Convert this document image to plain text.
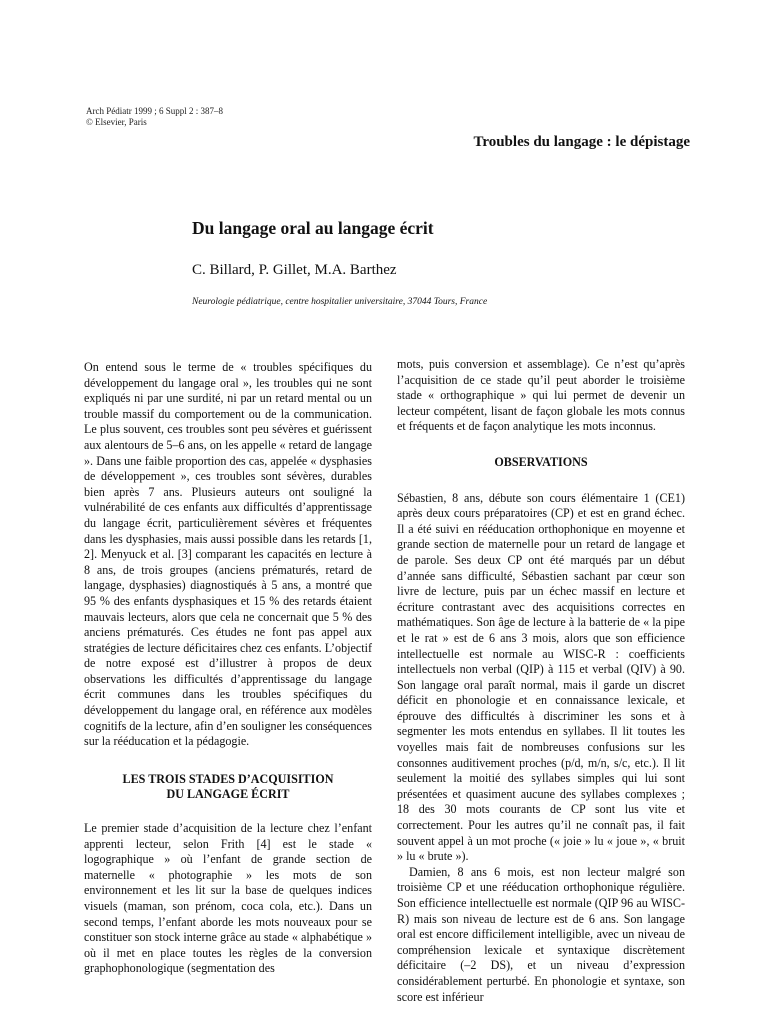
Arch Pédiatr 1999 ; 6 Suppl 2 : 387–8
© Elsevier, Paris
Troubles du langage : le dépistage
Du langage oral au langage écrit
C. Billard, P. Gillet, M.A. Barthez
Neurologie pédiatrique, centre hospitalier universitaire, 37044 Tours, France

On entend sous le terme de « troubles spécifiques du développement du langage oral », les troubles qui ne sont expliqués ni par une surdité, ni par un retard mental ou un trouble massif du comportement ou de la communication. Le plus souvent, ces troubles sont peu sévères et guérissent aux alentours de 5–6 ans, on les appelle « retard de langage ». Dans une faible proportion des cas, appelée « dysphasies de développement », ces troubles sont sévères, durables bien après 7 ans. Plusieurs auteurs ont souligné la vulnérabilité de ces enfants aux difficultés d’apprentissage du langage écrit, particulièrement sévères et fréquentes dans les dysphasies, mais aussi possible dans les retards [1, 2]. Menyuck et al. [3] comparant les capacités en lecture à 8 ans, de trois groupes (anciens prématurés, retard de langage, dysphasies) diagnostiqués à 5 ans, a montré que 95 % des enfants dysphasiques et 15 % des retards étaient mauvais lecteurs, alors que cela ne concernait que 5 % des anciens prématurés. Ces études ne font pas appel aux stratégies de lecture déficitaires chez ces enfants. L’objectif de notre exposé est d’illustrer à propos de deux observations les difficultés d’apprentissage du langage écrit communes dans les troubles spécifiques du développement du langage oral, en référence aux modèles cognitifs de la lecture, afin d’en souligner les conséquences sur la rééducation et la pédagogie.

LES TROIS STADES D’ACQUISITION
DU LANGAGE ÉCRIT

Le premier stade d’acquisition de la lecture chez l’enfant apprenti lecteur, selon Frith [4] est le stade « logographique » où l’enfant de grande section de maternelle « photographie » les mots de son environnement et les lit sur la base de quelques indices visuels (maman, son prénom, coca cola, etc.). Dans un second temps, l’enfant aborde les mots nouveaux pour se constituer son stock interne grâce au stade « alphabétique » où il met en place toutes les règles de la conversion graphophonologique (segmentation des

mots, puis conversion et assemblage). Ce n’est qu’après l’acquisition de ce stade qu’il peut aborder le troisième stade « orthographique » qui lui permet de devenir un lecteur compétent, lisant de façon globale les mots connus et fréquents et de façon analytique les mots inconnus.

OBSERVATIONS

Sébastien, 8 ans, débute son cours élémentaire 1 (CE1) après deux cours préparatoires (CP) et est en grand échec. Il a été suivi en rééducation orthophonique en moyenne et grande section de maternelle pour un retard de langage et de parole. Ses deux CP ont été marqués par un début d’année sans difficulté, Sébastien sachant par cœur son livre de lecture, puis par un échec massif en lecture et écriture contrastant avec des acquisitions correctes en mathématiques. Son âge de lecture à la batterie de « la pipe et le rat » est de 6 ans 3 mois, alors que son efficience intellectuelle est normale au WISC-R : coefficients intellectuels non verbal (QIP) à 115 et verbal (QIV) à 90. Son langage oral paraît normal, mais il garde un discret déficit en phonologie et en connaissance lexicale, et éprouve des difficultés à discriminer les sons et à segmenter les mots entendus en syllabes. Il lit toutes les voyelles mais fait de nombreuses confusions sur les consonnes auditivement proches (p/d, m/n, s/c, etc.). Il lit seulement la moitié des syllabes simples qui lui sont présentées et quasiment aucune des syllabes complexes ; 18 des 30 mots courants de CP sont lus vite et correctement. Pour les autres qu’il ne connaît pas, il fait souvent appel à un mot proche (« joie » lu « joue », « bruit » lu « brute »).

Damien, 8 ans 6 mois, est non lecteur malgré son troisième CP et une rééducation orthophonique régulière. Son efficience intellectuelle est normale (QIP 96 au WISC-R) mais son niveau de lecture est de 6 ans. Son langage oral est encore difficilement intelligible, avec un niveau de compréhension lexicale et syntaxique discrètement déficitaire (–2 DS), et un niveau d’expression considérablement perturbé. En phonologie et syntaxe, son score est inférieur
